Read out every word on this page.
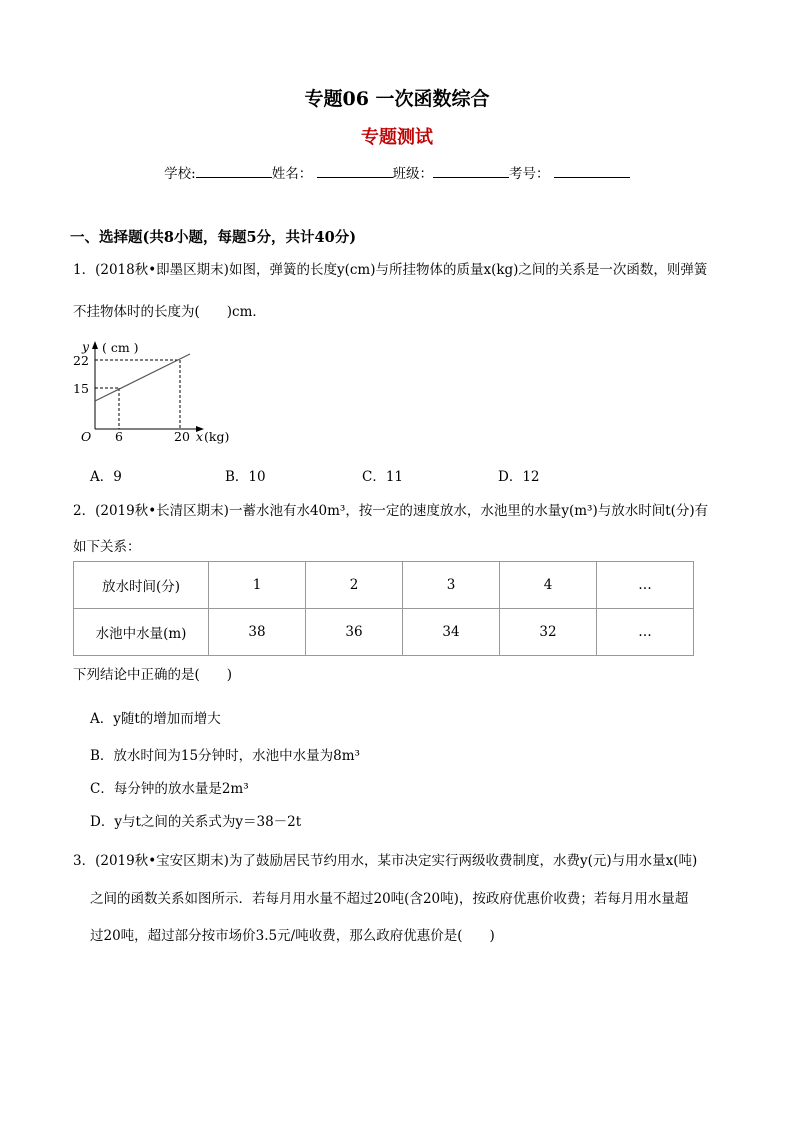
专题06 一次函数综合
专题测试
学校:	姓名：	班级：	考号：
一、选择题(共8小题，每题5分，共计40分)
1．(2018秋•即墨区期末)如图，弹簧的长度y(cm)与所挂物体的质量x(kg)之间的关系是一次函数，则弹簧
不挂物体时的长度为(　　)cm．
y ( cm )
22
15
O 6	20 x (kg)
A．9	B．10	C．11	D．12
2．(2019秋•长清区期末)一蓄水池有水40m³，按一定的速度放水，水池里的水量y(m³)与放水时间t(分)有
如下关系：
放水时间(分)	1	2	3	4	…
水池中水量(m)	38	36	34	32	…
下列结论中正确的是(　　)
A．y随t的增加而增大
B．放水时间为15分钟时，水池中水量为8m³
C．每分钟的放水量是2m³
D．y与t之间的关系式为y＝38－2t
3．(2019秋•宝安区期末)为了鼓励居民节约用水，某市决定实行两级收费制度，水费y(元)与用水量x(吨)
之间的函数关系如图所示．若每月用水量不超过20吨(含20吨)，按政府优惠价收费；若每月用水量超
过20吨，超过部分按市场价3.5元/吨收费，那么政府优惠价是(　　)
